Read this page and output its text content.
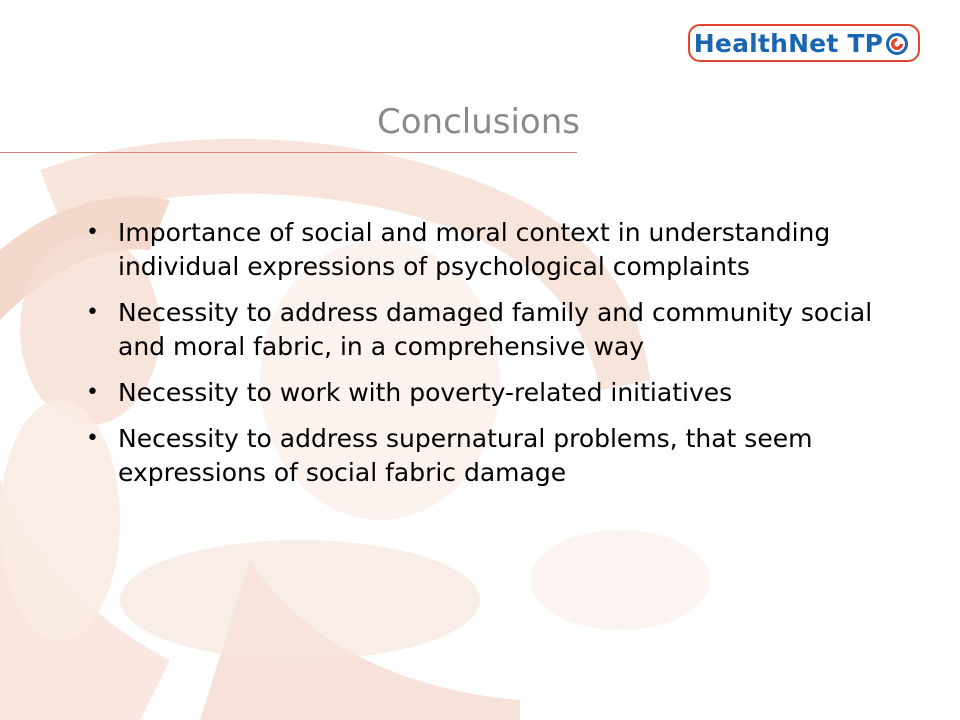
HealthNet TP
Conclusions
• Importance of social and moral context in understanding individual expressions of psychological complaints
• Necessity to address damaged family and community social and moral fabric, in a comprehensive way
• Necessity to work with poverty-related initiatives
• Necessity to address supernatural problems, that seem expressions of social fabric damage
